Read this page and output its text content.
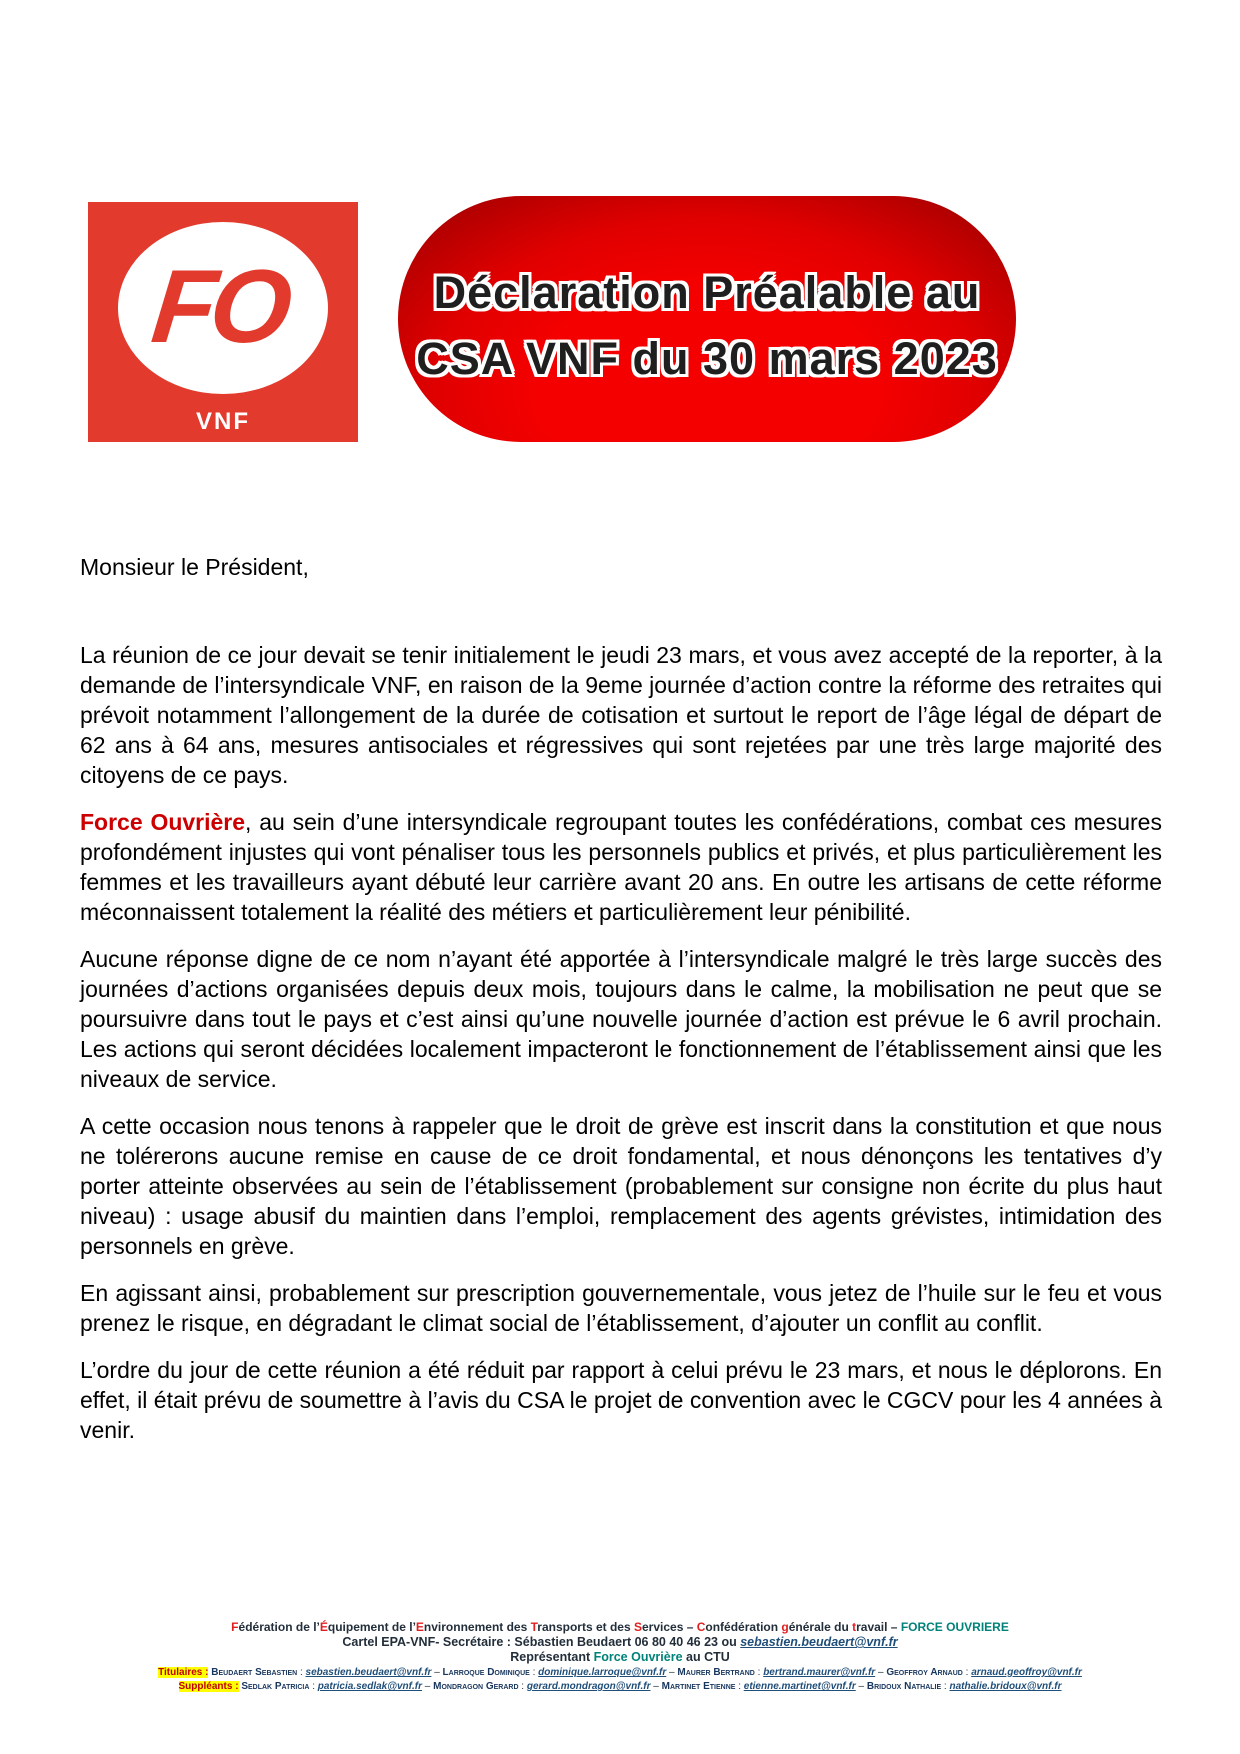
FO
VNF
Déclaration Préalable au
CSA VNF du 30 mars 2023

Monsieur le Président,

La réunion de ce jour devait se tenir initialement le jeudi 23 mars, et vous avez accepté de la reporter, à la demande de l’intersyndicale VNF, en raison de la 9eme journée d’action contre la réforme des retraites qui prévoit notamment l’allongement de la durée de cotisation et surtout le report de l’âge légal de départ de 62 ans à 64 ans, mesures antisociales et régressives qui sont rejetées par une très large majorité des citoyens de ce pays.

Force Ouvrière, au sein d’une intersyndicale regroupant toutes les confédérations, combat ces mesures profondément injustes qui vont pénaliser tous les personnels publics et privés, et plus particulièrement les femmes et les travailleurs ayant débuté leur carrière avant 20 ans. En outre les artisans de cette réforme méconnaissent totalement la réalité des métiers et particulièrement leur pénibilité.

Aucune réponse digne de ce nom n’ayant été apportée à l’intersyndicale malgré le très large succès des journées d’actions organisées depuis deux mois, toujours dans le calme, la mobilisation ne peut que se poursuivre dans tout le pays et c’est ainsi qu’une nouvelle journée d’action est prévue le 6 avril prochain. Les actions qui seront décidées localement impacteront le fonctionnement de l’établissement ainsi que les niveaux de service.

A cette occasion nous tenons à rappeler que le droit de grève est inscrit dans la constitution et que nous ne tolérerons aucune remise en cause de ce droit fondamental, et nous dénonçons les tentatives d’y porter atteinte observées au sein de l’établissement (probablement sur consigne non écrite du plus haut niveau) : usage abusif du maintien dans l’emploi, remplacement des agents grévistes, intimidation des personnels en grève.

En agissant ainsi, probablement sur prescription gouvernementale, vous jetez de l’huile sur le feu et vous prenez le risque, en dégradant le climat social de l’établissement, d’ajouter un conflit au conflit.

L’ordre du jour de cette réunion a été réduit par rapport à celui prévu le 23 mars, et nous le déplorons. En effet, il était prévu de soumettre à l’avis du CSA le projet de convention avec le CGCV pour les 4 années à venir.

Fédération de l’Équipement de l’Environnement des Transports et des Services – Confédération générale du travail – FORCE OUVRIERE
Cartel EPA-VNF- Secrétaire : Sébastien Beudaert 06 80 40 46 23 ou sebastien.beudaert@vnf.fr
Représentant Force Ouvrière au CTU
Titulaires : Beudaert Sebastien : sebastien.beudaert@vnf.fr – Larroque Dominique : dominique.larroque@vnf.fr – Maurer Bertrand : bertrand.maurer@vnf.fr – Geoffroy Arnaud : arnaud.geoffroy@vnf.fr
Suppléants : Sedlak Patricia : patricia.sedlak@vnf.fr – Mondragon Gerard : gerard.mondragon@vnf.fr – Martinet Etienne : etienne.martinet@vnf.fr – Bridoux Nathalie : nathalie.bridoux@vnf.fr
